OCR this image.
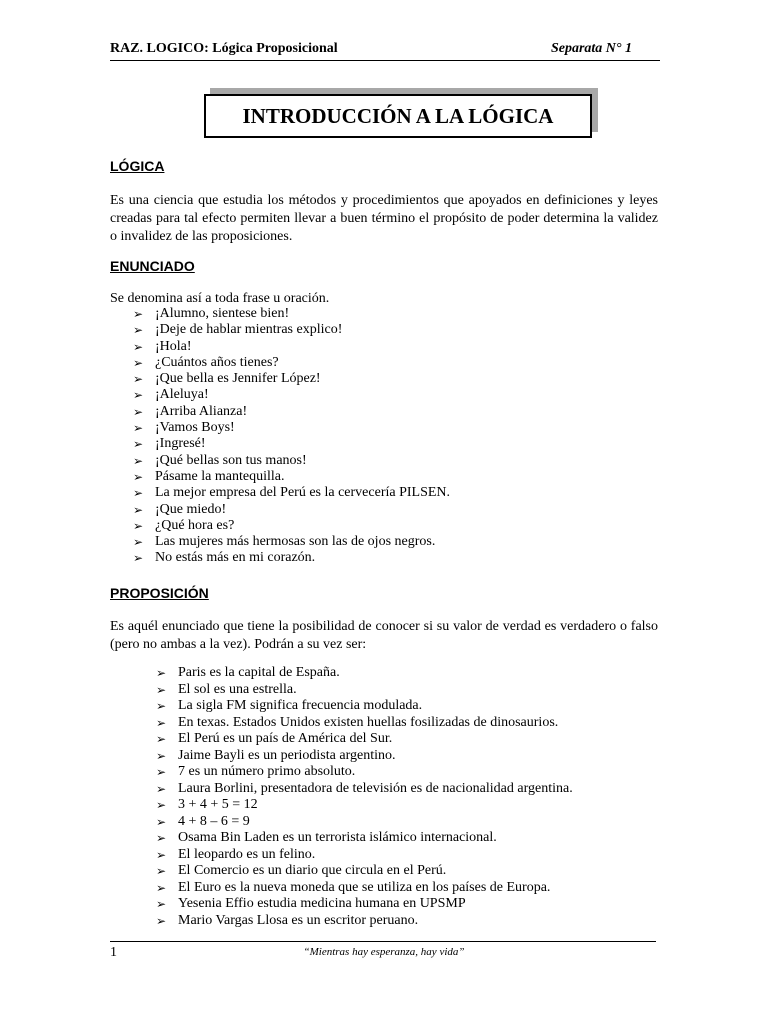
RAZ. LOGICO: Lógica Proposicional	Separata N° 1
INTRODUCCIÓN A LA LÓGICA
LÓGICA
Es una ciencia que estudia los métodos y procedimientos que apoyados en definiciones y leyes creadas para tal efecto permiten llevar a buen término el propósito de poder determina la validez o invalidez de las proposiciones.
ENUNCIADO
Se denomina así a toda frase u oración.
➢ ¡Alumno, sientese bien!
➢ ¡Deje de hablar mientras explico!
➢ ¡Hola!
➢ ¿Cuántos años tienes?
➢ ¡Que bella es Jennifer López!
➢ ¡Aleluya!
➢ ¡Arriba Alianza!
➢ ¡Vamos Boys!
➢ ¡Ingresé!
➢ ¡Qué bellas son tus manos!
➢ Pásame la mantequilla.
➢ La mejor empresa del Perú es la cervecería PILSEN.
➢ ¡Que miedo!
➢ ¿Qué hora es?
➢ Las mujeres más hermosas son las de ojos negros.
➢ No estás más en mi corazón.
PROPOSICIÓN
Es aquél enunciado que tiene la posibilidad de conocer si su valor de verdad es verdadero o falso (pero no ambas a la vez). Podrán a su vez ser:
➢ Paris es la capital de España.
➢ El sol es una estrella.
➢ La sigla FM significa frecuencia modulada.
➢ En texas. Estados Unidos existen huellas fosilizadas de dinosaurios.
➢ El Perú es un país de América del Sur.
➢ Jaime Bayli es un periodista argentino.
➢ 7 es un número primo absoluto.
➢ Laura Borlini, presentadora de televisión es de nacionalidad argentina.
➢ 3 + 4 + 5 = 12
➢ 4 + 8 – 6 = 9
➢ Osama Bin Laden es un terrorista islámico internacional.
➢ El leopardo es un felino.
➢ El Comercio es un diario que circula en el Perú.
➢ El Euro es la nueva moneda que se utiliza en los países de Europa.
➢ Yesenia Effio estudia medicina humana en UPSMP
➢ Mario Vargas Llosa es un escritor peruano.
1	“Mientras hay esperanza, hay vida”
